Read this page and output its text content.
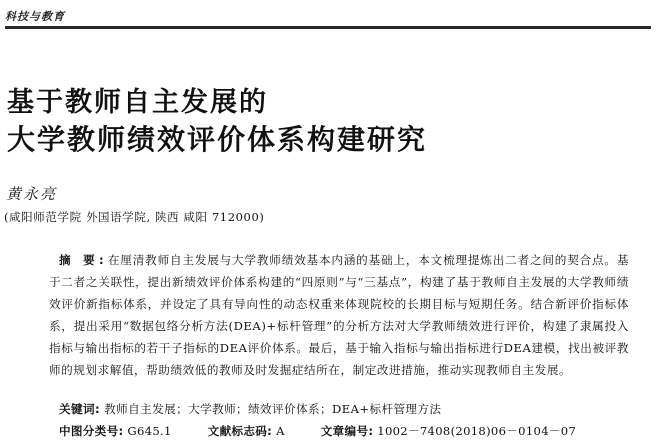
科技与教育
基于教师自主发展的
大学教师绩效评价体系构建研究
黄永亮
(咸阳师范学院 外国语学院, 陕西 咸阳 712000)
摘 要:在厘清教师自主发展与大学教师绩效基本内涵的基础上，本文梳理提炼出二者之间的契合点。基于二者之关联性，提出新绩效评价体系构建的“四原则”与“三基点”，构建了基于教师自主发展的大学教师绩效评价新指标体系，并设定了具有导向性的动态权重来体现院校的长期目标与短期任务。结合新评价指标体系，提出采用“数据包络分析方法(DEA)+标杆管理”的分析方法对大学教师绩效进行评价，构建了隶属投入指标与输出指标的若干子指标的DEA评价体系。最后，基于输入指标与输出指标进行DEA建模，找出被评教师的规划求解值，帮助绩效低的教师及时发掘症结所在，制定改进措施，推动实现教师自主发展。
关键词: 教师自主发展；大学教师；绩效评价体系；DEA+标杆管理方法
中图分类号: G645.1	文献标志码: A	文章编号: 1002－7408(2018)06－0104－07
